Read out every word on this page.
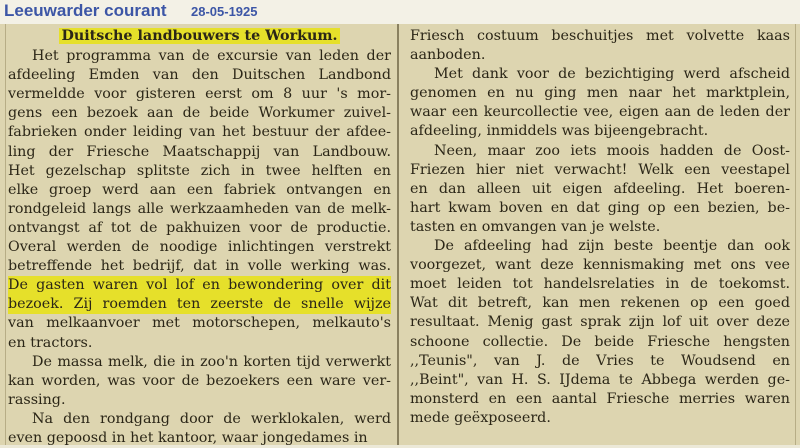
Leeuwarder courant 28-05-1925
Duitsche landbouwers te Workum.
Het programma van de excursie van leden der
afdeeling Emden van den Duitschen Landbond
vermeldde voor gisteren eerst om 8 uur 's mor-
gens een bezoek aan de beide Workumer zuivel-
fabrieken onder leiding van het bestuur der afdee-
ling der Friesche Maatschappij van Landbouw.
Het gezelschap splitste zich in twee helften en
elke groep werd aan een fabriek ontvangen en
rondgeleid langs alle werkzaamheden van de melk-
ontvangst af tot de pakhuizen voor de productie.
Overal werden de noodige inlichtingen verstrekt
betreffende het bedrijf, dat in volle werking was.
De gasten waren vol lof en bewondering over dit
bezoek. Zij roemden ten zeerste de snelle wijze
van melkaanvoer met motorschepen, melkauto's
en tractors.
De massa melk, die in zoo'n korten tijd verwerkt
kan worden, was voor de bezoekers een ware ver-
rassing.
Na den rondgang door de werklokalen, werd
even gepoosd in het kantoor, waar jongedames in
Friesch costuum beschuitjes met volvette kaas
aanboden.
Met dank voor de bezichtiging werd afscheid
genomen en nu ging men naar het marktplein,
waar een keurcollectie vee, eigen aan de leden der
afdeeling, inmiddels was bijeengebracht.
Neen, maar zoo iets moois hadden de Oost-
Friezen hier niet verwacht! Welk een veestapel
en dan alleen uit eigen afdeeling. Het boeren-
hart kwam boven en dat ging op een bezien, be-
tasten en omvangen van je welste.
De afdeeling had zijn beste beentje dan ook
voorgezet, want deze kennismaking met ons vee
moet leiden tot handelsrelaties in de toekomst.
Wat dit betreft, kan men rekenen op een goed
resultaat. Menig gast sprak zijn lof uit over deze
schoone collectie. De beide Friesche hengsten
,,Teunis", van J. de Vries te Woudsend en
,,Beint", van H. S. IJdema te Abbega werden ge-
monsterd en een aantal Friesche merries waren
mede geëxposeerd.
